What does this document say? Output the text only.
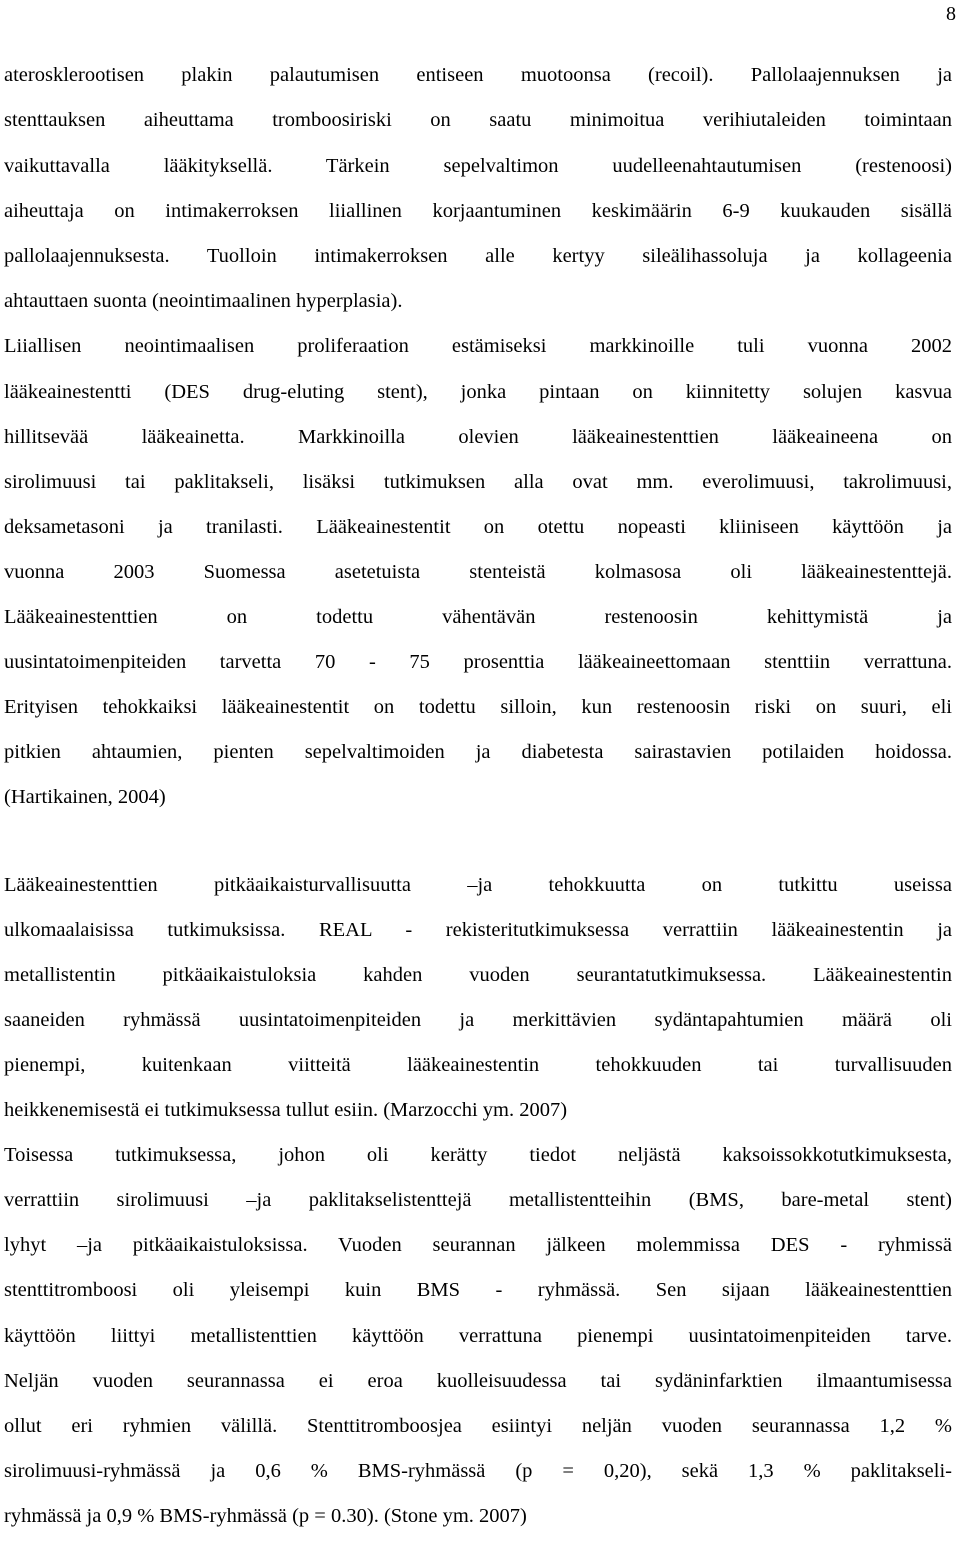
8
aterosklerootisen plakin palautumisen entiseen muotoonsa (recoil). Pallolaajennuksen ja
stenttauksen aiheuttama tromboosiriski on saatu minimoitua verihiutaleiden toimintaan
vaikuttavalla lääkityksellä. Tärkein sepelvaltimon uudelleenahtautumisen (restenoosi)
aiheuttaja on intimakerroksen liiallinen korjaantuminen keskimäärin 6-9 kuukauden sisällä
pallolaajennuksesta. Tuolloin intimakerroksen alle kertyy sileälihassoluja ja kollageenia
ahtauttaen suonta (neointimaalinen hyperplasia).
Liiallisen neointimaalisen proliferaation estämiseksi markkinoille tuli vuonna 2002
lääkeainestentti (DES drug-eluting stent), jonka pintaan on kiinnitetty solujen kasvua
hillitsevää lääkeainetta. Markkinoilla olevien lääkeainestenttien lääkeaineena on
sirolimuusi tai paklitakseli, lisäksi tutkimuksen alla ovat mm. everolimuusi, takrolimuusi,
deksametasoni ja tranilasti. Lääkeainestentit on otettu nopeasti kliiniseen käyttöön ja
vuonna 2003 Suomessa asetetuista stenteistä kolmasosa oli lääkeainestenttejä.
Lääkeainestenttien on todettu vähentävän restenoosin kehittymistä ja
uusintatoimenpiteiden tarvetta 70 - 75 prosenttia lääkeaineettomaan stenttiin verrattuna.
Erityisen tehokkaiksi lääkeainestentit on todettu silloin, kun restenoosin riski on suuri, eli
pitkien ahtaumien, pienten sepelvaltimoiden ja diabetesta sairastavien potilaiden hoidossa.
(Hartikainen, 2004)
Lääkeainestenttien pitkäaikaisturvallisuutta –ja tehokkuutta on tutkittu useissa
ulkomaalaisissa tutkimuksissa. REAL - rekisteritutkimuksessa verrattiin lääkeainestentin ja
metallistentin pitkäaikaistuloksia kahden vuoden seurantatutkimuksessa. Lääkeainestentin
saaneiden ryhmässä uusintatoimenpiteiden ja merkittävien sydäntapahtumien määrä oli
pienempi, kuitenkaan viitteitä lääkeainestentin tehokkuuden tai turvallisuuden
heikkenemisestä ei tutkimuksessa tullut esiin. (Marzocchi ym. 2007)
Toisessa tutkimuksessa, johon oli kerätty tiedot neljästä kaksoissokkotutkimuksesta,
verrattiin sirolimuusi –ja paklitakselistenttejä metallistentteihin (BMS, bare-metal stent)
lyhyt –ja pitkäaikaistuloksissa. Vuoden seurannan jälkeen molemmissa DES - ryhmissä
stenttitromboosi oli yleisempi kuin BMS - ryhmässä. Sen sijaan lääkeainestenttien
käyttöön liittyi metallistenttien käyttöön verrattuna pienempi uusintatoimenpiteiden tarve.
Neljän vuoden seurannassa ei eroa kuolleisuudessa tai sydäninfarktien ilmaantumisessa
ollut eri ryhmien välillä. Stenttitromboosjea esiintyi neljän vuoden seurannassa 1,2 %
sirolimuusi-ryhmässä ja 0,6 % BMS-ryhmässä (p = 0,20), sekä 1,3 % paklitakseli-
ryhmässä ja 0,9 % BMS-ryhmässä (p = 0.30). (Stone ym. 2007)
